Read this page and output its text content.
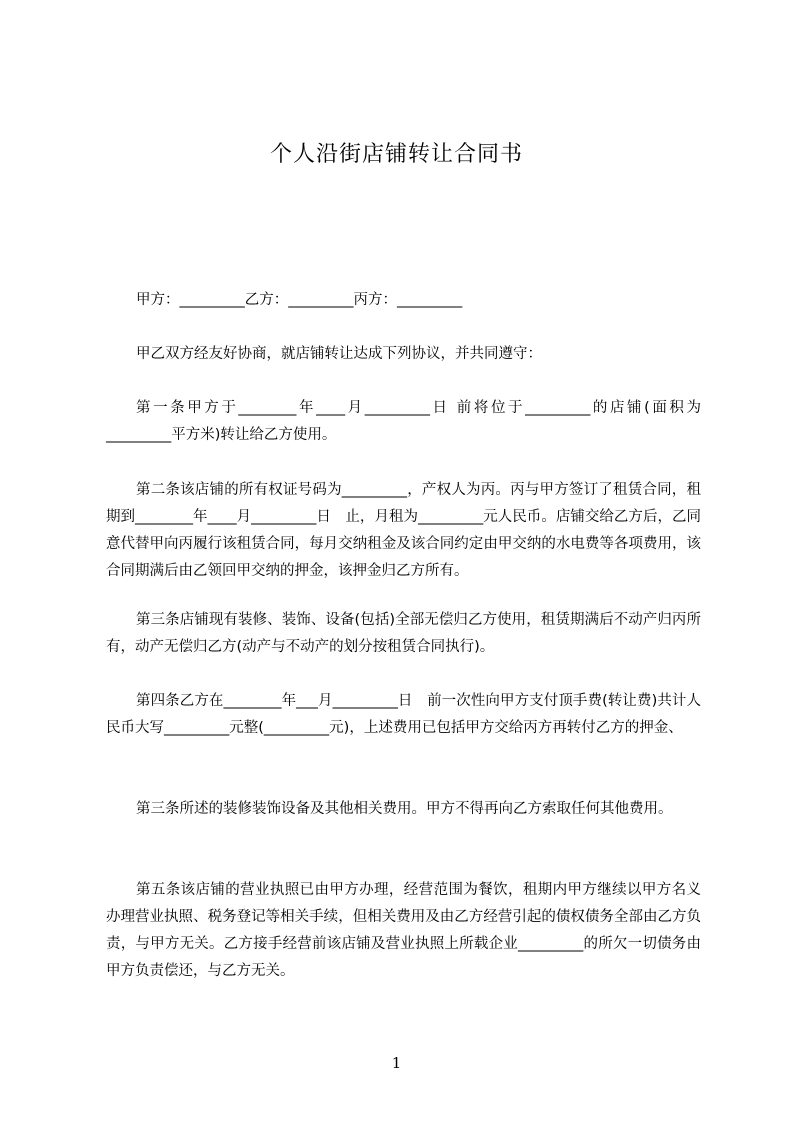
个人沿街店铺转让合同书

甲方：_________乙方：_________丙方：_________

甲乙双方经友好协商，就店铺转让达成下列协议，并共同遵守：

第一条甲方于________年____月_________日 前将位于_________的店铺(面积为_________平方米)转让给乙方使用。

第二条该店铺的所有权证号码为_________，产权人为丙。丙与甲方签订了租赁合同，租期到________年____月_________日　止，月租为_________元人民币。店铺交给乙方后，乙同意代替甲向丙履行该租赁合同，每月交纳租金及该合同约定由甲交纳的水电费等各项费用，该合同期满后由乙领回甲交纳的押金，该押金归乙方所有。

第三条店铺现有装修、装饰、设备(包括)全部无偿归乙方使用，租赁期满后不动产归丙所有，动产无偿归乙方(动产与不动产的划分按租赁合同执行)。

第四条乙方在________年___月_________日　前一次性向甲方支付顶手费(转让费)共计人民币大写_________元整(_________元)，上述费用已包括甲方交给丙方再转付乙方的押金、

第三条所述的装修装饰设备及其他相关费用。甲方不得再向乙方索取任何其他费用。

第五条该店铺的营业执照已由甲方办理，经营范围为餐饮，租期内甲方继续以甲方名义办理营业执照、税务登记等相关手续，但相关费用及由乙方经营引起的债权债务全部由乙方负责，与甲方无关。乙方接手经营前该店铺及营业执照上所载企业_________的所欠一切债务由甲方负责偿还，与乙方无关。

1
